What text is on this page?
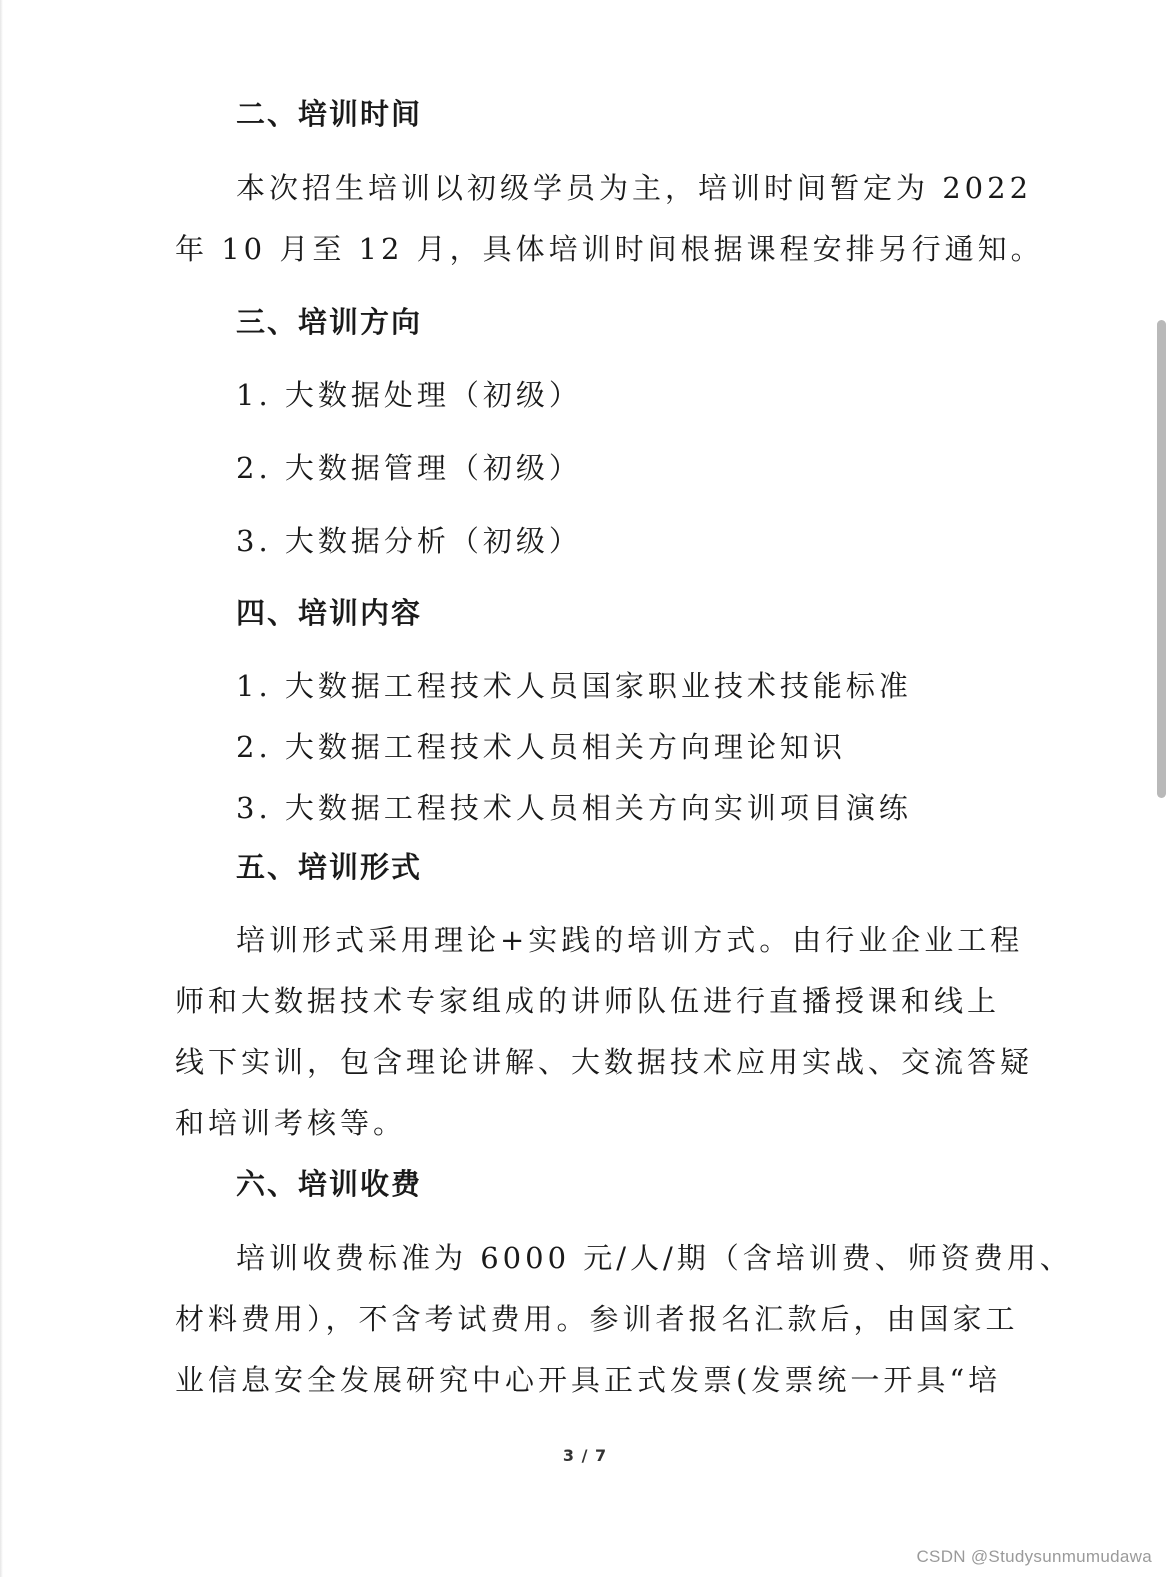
二、培训时间
本次招生培训以初级学员为主，培训时间暂定为 2022
年 10 月至 12 月，具体培训时间根据课程安排另行通知。
三、培训方向
1. 大数据处理（初级）
2. 大数据管理（初级）
3. 大数据分析（初级）
四、培训内容
1. 大数据工程技术人员国家职业技术技能标准
2. 大数据工程技术人员相关方向理论知识
3. 大数据工程技术人员相关方向实训项目演练
五、培训形式
培训形式采用理论+实践的培训方式。由行业企业工程
师和大数据技术专家组成的讲师队伍进行直播授课和线上
线下实训，包含理论讲解、大数据技术应用实战、交流答疑
和培训考核等。
六、培训收费
培训收费标准为 6000 元/人/期（含培训费、师资费用、
材料费用），不含考试费用。参训者报名汇款后，由国家工
业信息安全发展研究中心开具正式发票(发票统一开具“培
3 / 7
CSDN @Studysunmumudawa
